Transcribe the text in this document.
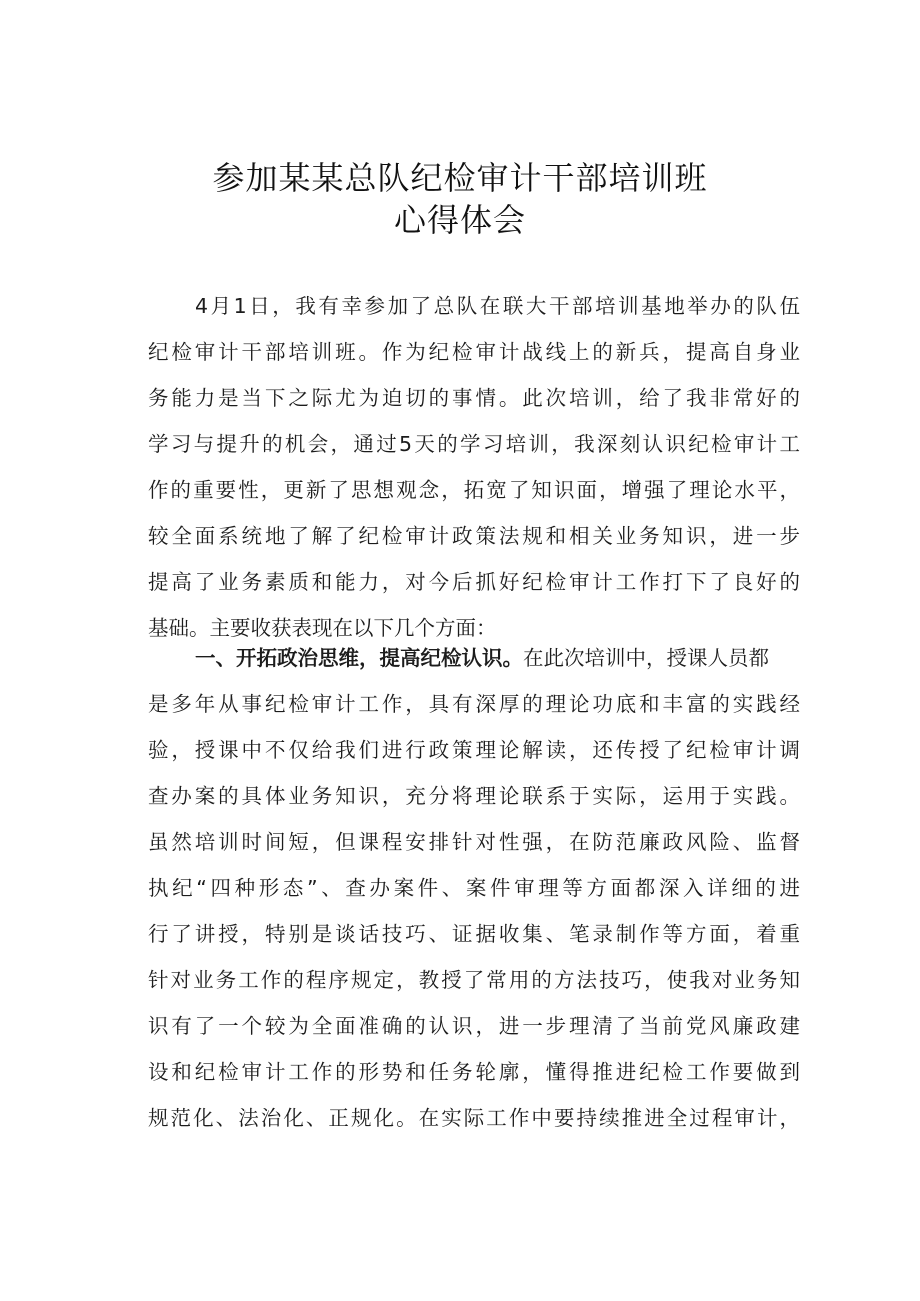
参加某某总队纪检审计干部培训班
心得体会
4月1日，我有幸参加了总队在联大干部培训基地举办的队伍
纪检审计干部培训班。作为纪检审计战线上的新兵，提高自身业
务能力是当下之际尤为迫切的事情。此次培训，给了我非常好的
学习与提升的机会，通过5天的学习培训，我深刻认识纪检审计工
作的重要性，更新了思想观念，拓宽了知识面，增强了理论水平，
较全面系统地了解了纪检审计政策法规和相关业务知识，进一步
提高了业务素质和能力，对今后抓好纪检审计工作打下了良好的
基础。主要收获表现在以下几个方面：
一、开拓政治思维，提高纪检认识。在此次培训中，授课人员都
是多年从事纪检审计工作，具有深厚的理论功底和丰富的实践经
验，授课中不仅给我们进行政策理论解读，还传授了纪检审计调
查办案的具体业务知识，充分将理论联系于实际，运用于实践。
虽然培训时间短，但课程安排针对性强，在防范廉政风险、监督
执纪“四种形态”、查办案件、案件审理等方面都深入详细的进
行了讲授，特别是谈话技巧、证据收集、笔录制作等方面，着重
针对业务工作的程序规定，教授了常用的方法技巧，使我对业务知
识有了一个较为全面准确的认识，进一步理清了当前党风廉政建
设和纪检审计工作的形势和任务轮廓，懂得推进纪检工作要做到
规范化、法治化、正规化。在实际工作中要持续推进全过程审计，
